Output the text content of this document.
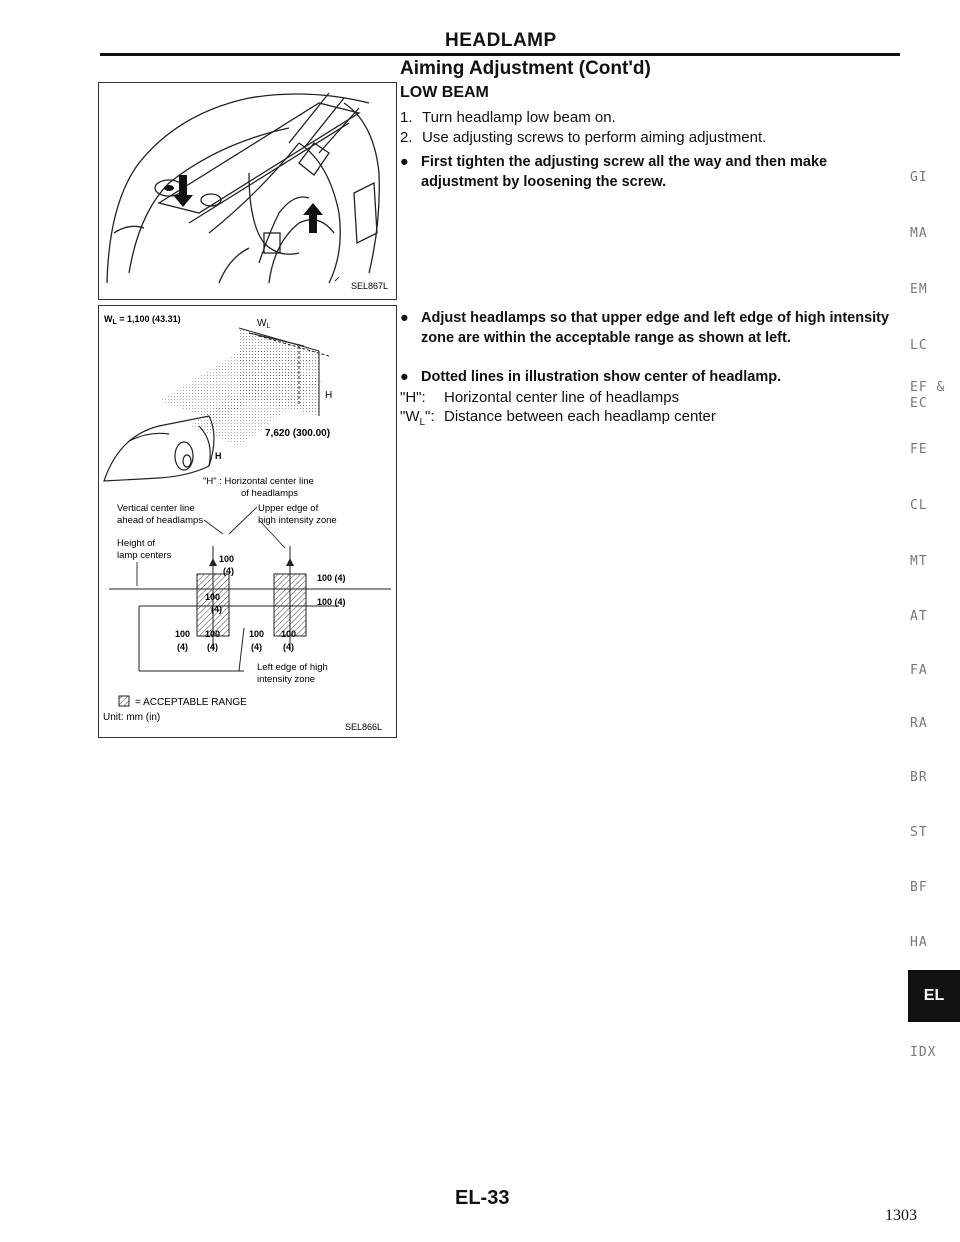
HEADLAMP
Aiming Adjustment (Cont'd)
LOW BEAM
1. Turn headlamp low beam on.
2. Use adjusting screws to perform aiming adjustment.
● First tighten the adjusting screw all the way and then make adjustment by loosening the screw.
● Adjust headlamps so that upper edge and left edge of high intensity zone are within the acceptable range as shown at left.
● Dotted lines in illustration show center of headlamp.
"H": Horizontal center line of headlamps
"$W_L$": Distance between each headlamp center
SEL867L
$W_L = 1,100$ (43.31)	$W_L$
H
H
7,620 (300.00)
"H" : Horizontal center line
of headlamps
Vertical center line
ahead of headlamps
Upper edge of
high intensity zone
Height of
lamp centers	100
(4)
100 (4)
100
(4)
100 (4)
100 100	100 100
(4) (4)	(4) (4)
Left edge of high
intensity zone
= ACCEPTABLE RANGE
Unit: mm (in)
SEL866L
GI
MA
EM
LC
EF &
EC
FE
CL
MT
AT
FA
RA
BR
ST
BF
HA
EL
IDX
EL-33
1303
